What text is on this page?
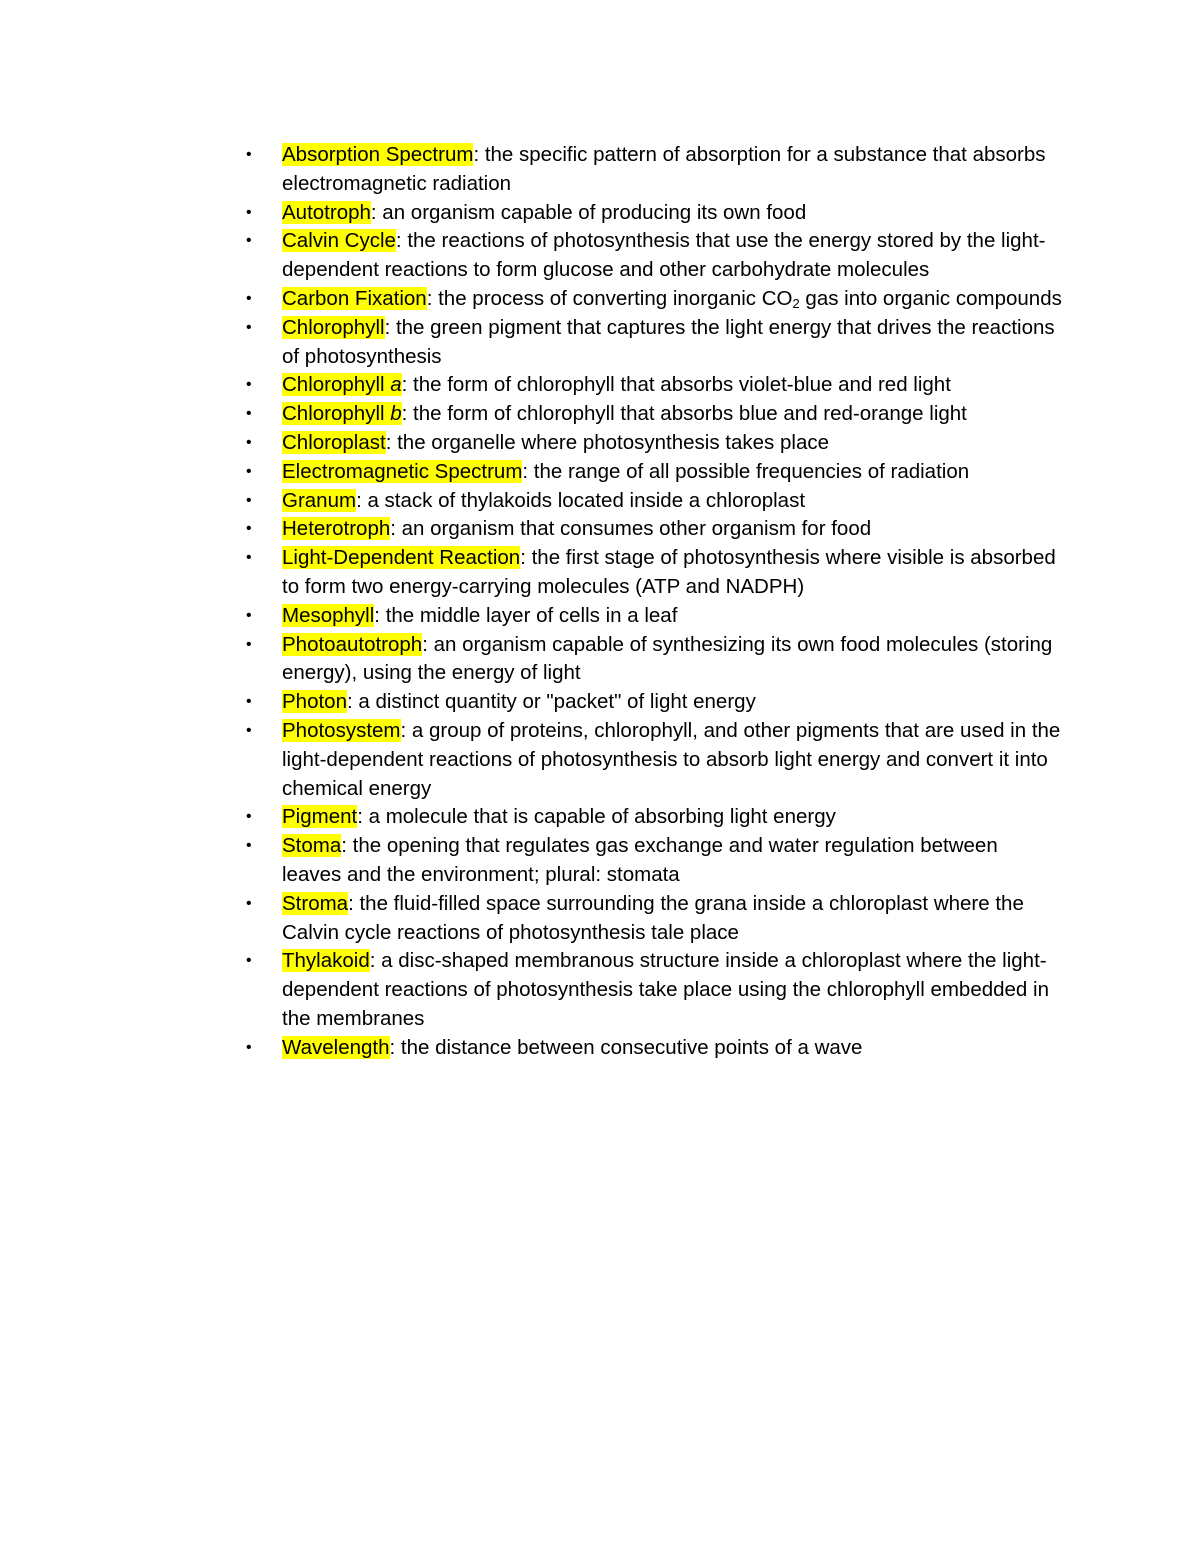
• Absorption Spectrum: the specific pattern of absorption for a substance that absorbs electromagnetic radiation
• Autotroph: an organism capable of producing its own food
• Calvin Cycle: the reactions of photosynthesis that use the energy stored by the light-dependent reactions to form glucose and other carbohydrate molecules
• Carbon Fixation: the process of converting inorganic $CO_2$ gas into organic compounds
• Chlorophyll: the green pigment that captures the light energy that drives the reactions of photosynthesis
• Chlorophyll a: the form of chlorophyll that absorbs violet-blue and red light
• Chlorophyll b: the form of chlorophyll that absorbs blue and red-orange light
• Chloroplast: the organelle where photosynthesis takes place
• Electromagnetic Spectrum: the range of all possible frequencies of radiation
• Granum: a stack of thylakoids located inside a chloroplast
• Heterotroph: an organism that consumes other organism for food
• Light-Dependent Reaction: the first stage of photosynthesis where visible is absorbed to form two energy-carrying molecules (ATP and NADPH)
• Mesophyll: the middle layer of cells in a leaf
• Photoautotroph: an organism capable of synthesizing its own food molecules (storing energy), using the energy of light
• Photon: a distinct quantity or "packet" of light energy
• Photosystem: a group of proteins, chlorophyll, and other pigments that are used in the light-dependent reactions of photosynthesis to absorb light energy and convert it into chemical energy
• Pigment: a molecule that is capable of absorbing light energy
• Stoma: the opening that regulates gas exchange and water regulation between leaves and the environment; plural: stomata
• Stroma: the fluid-filled space surrounding the grana inside a chloroplast where the Calvin cycle reactions of photosynthesis tale place
• Thylakoid: a disc-shaped membranous structure inside a chloroplast where the light-dependent reactions of photosynthesis take place using the chlorophyll embedded in the membranes
• Wavelength: the distance between consecutive points of a wave
